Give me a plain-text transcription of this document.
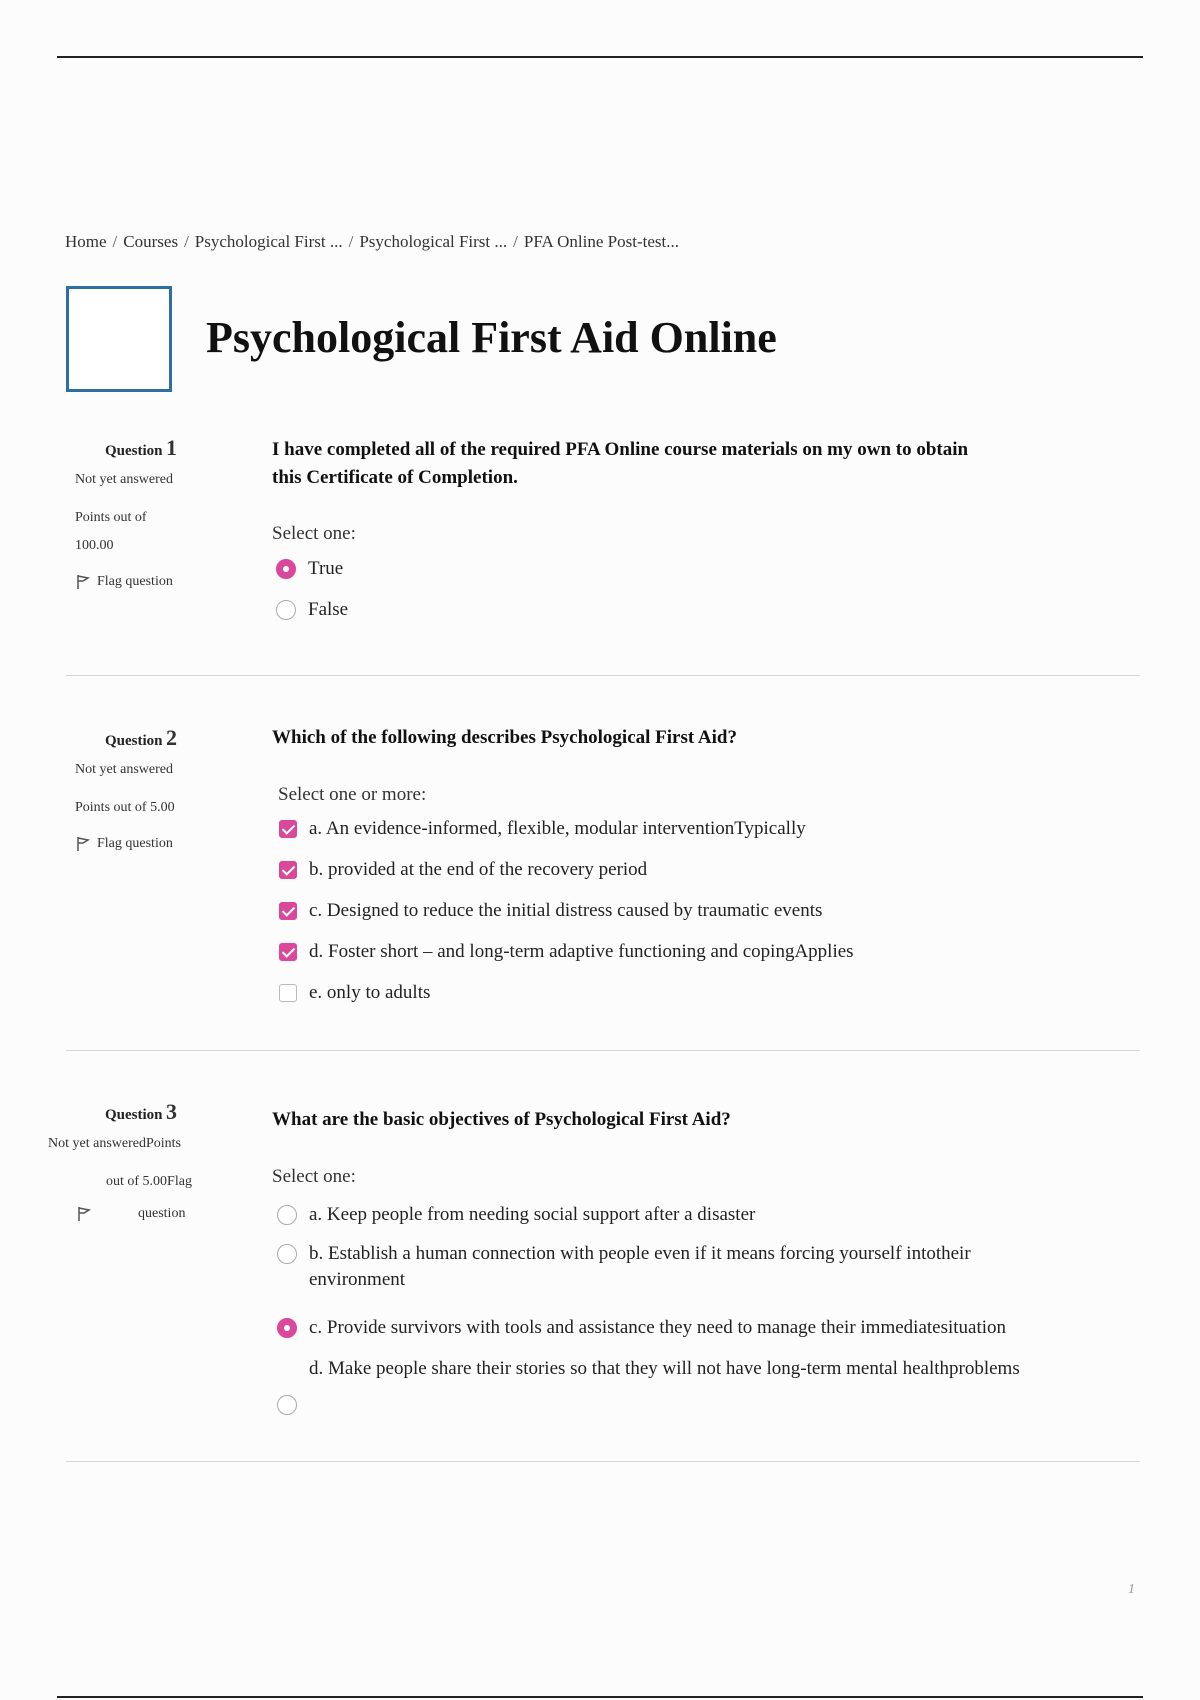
Home / Courses / Psychological First ... / Psychological First ... / PFA Online Post-test...
Psychological First Aid Online
Question 1
Not yet answered
Points out of
100.00
Flag question
I have completed all of the required PFA Online course materials on my own to obtain
this Certificate of Completion.
Select one:
True
False
Question 2
Not yet answered
Points out of 5.00
Flag question
Which of the following describes Psychological First Aid?
Select one or more:
a. An evidence-informed, flexible, modular interventionTypically
b. provided at the end of the recovery period
c. Designed to reduce the initial distress caused by traumatic events
d. Foster short – and long-term adaptive functioning and copingApplies
e. only to adults
Question 3
Not yet answeredPoints
out of 5.00Flag
question
What are the basic objectives of Psychological First Aid?
Select one:
a. Keep people from needing social support after a disaster
b. Establish a human connection with people even if it means forcing yourself intotheir
environment
c. Provide survivors with tools and assistance they need to manage their immediatesituation
d. Make people share their stories so that they will not have long-term mental healthproblems
1
